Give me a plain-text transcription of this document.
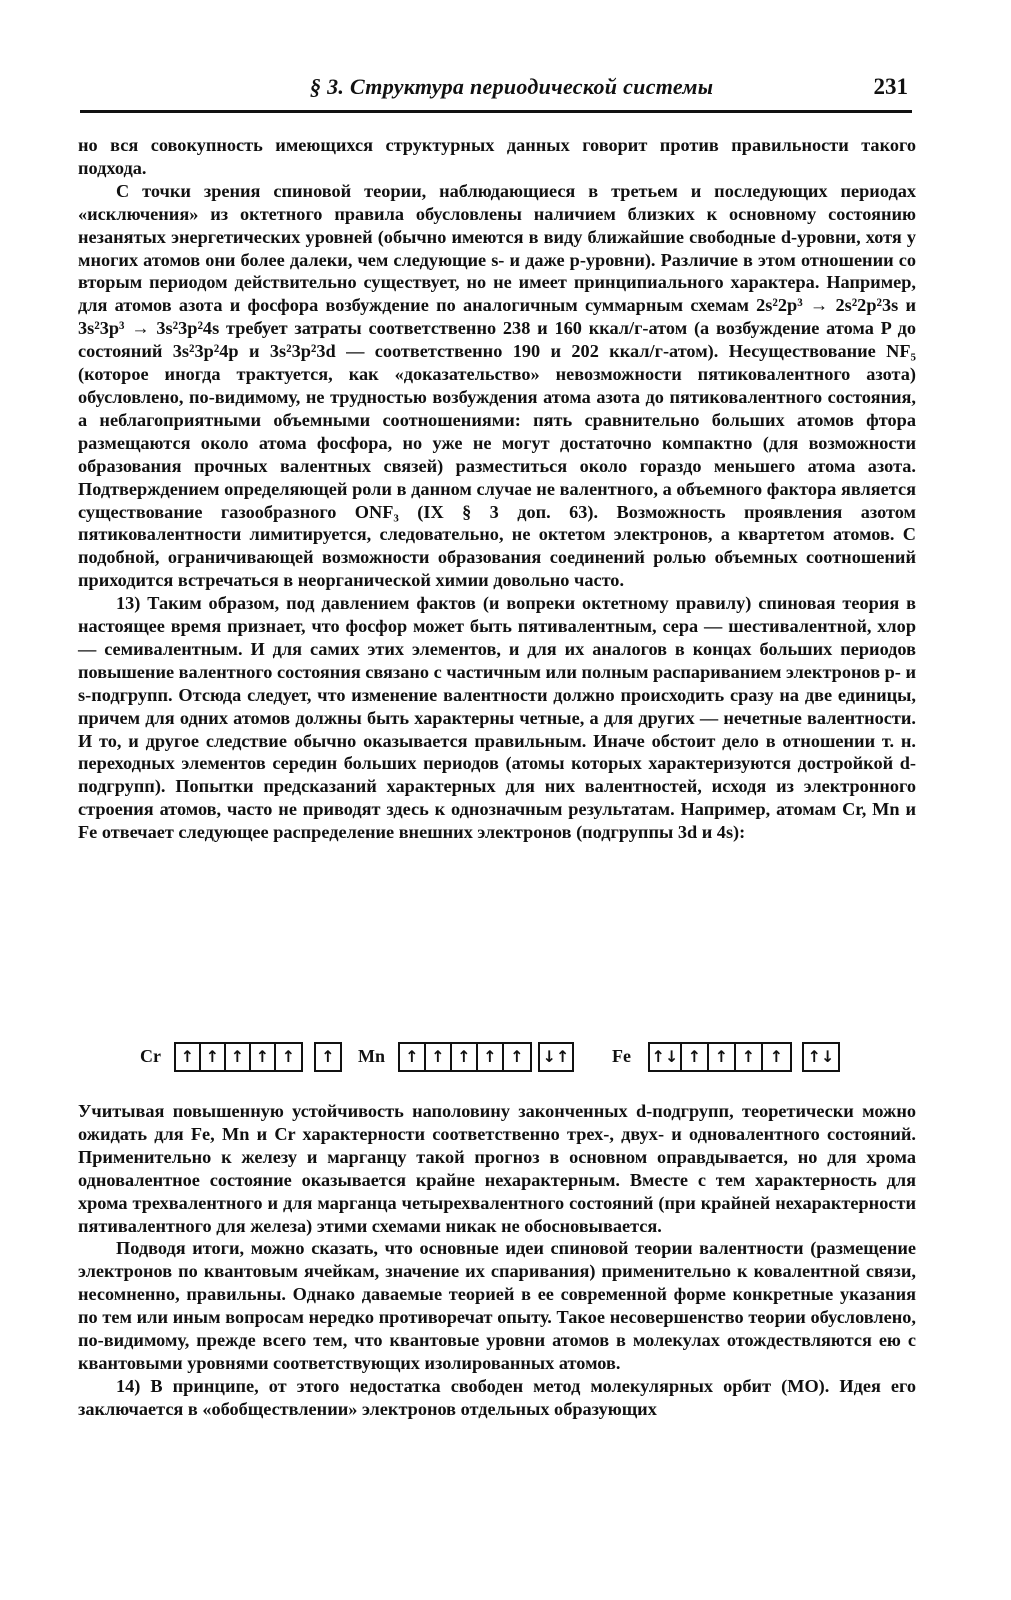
§ 3. Структура периодической системы	231

но вся совокупность имеющихся структурных данных говорит против правильности такого подхода.

С точки зрения спиновой теории, наблюдающиеся в третьем и последующих периодах «исключения» из октетного правила обусловлены наличием близких к основному состоянию незанятых энергетических уровней (обычно имеются в виду ближайшие свободные d-уровни, хотя у многих атомов они более далеки, чем следующие s- и даже p-уровни). Различие в этом отношении со вторым периодом действительно существует, но не имеет принципиального характера. Например, для атомов азота и фосфора возбуждение по аналогичным суммарным схемам 2s²2p³ → 2s²2p²3s и 3s²3p³ → 3s²3p²4s требует затраты соответственно 238 и 160 ккал/г-атом (а возбуждение атома P до состояний 3s²3p²4p и 3s²3p²3d — соответственно 190 и 202 ккал/г-атом). Несуществование NF₅ (которое иногда трактуется, как «доказательство» невозможности пятиковалентного азота) обусловлено, по-видимому, не трудностью возбуждения атома азота до пятиковалентного состояния, а неблагоприятными объемными соотношениями: пять сравнительно больших атомов фтора размещаются около атома фосфора, но уже не могут достаточно компактно (для возможности образования прочных валентных связей) разместиться около гораздо меньшего атома азота. Подтверждением определяющей роли в данном случае не валентного, а объемного фактора является существование газообразного ONF₃ (IX § 3 доп. 63). Возможность проявления азотом пятиковалентности лимитируется, следовательно, не октетом электронов, а квартетом атомов. С подобной, ограничивающей возможности образования соединений ролью объемных соотношений приходится встречаться в неорганической химии довольно часто.

13) Таким образом, под давлением фактов (и вопреки октетному правилу) спиновая теория в настоящее время признает, что фосфор может быть пятивалентным, сера — шестивалентной, хлор — семивалентным. И для самих этих элементов, и для их аналогов в концах больших периодов повышение валентного состояния связано с частичным или полным распариванием электронов p- и s-подгрупп. Отсюда следует, что изменение валентности должно происходить сразу на две единицы, причем для одних атомов должны быть характерны четные, а для других — нечетные валентности. И то, и другое следствие обычно оказывается правильным. Иначе обстоит дело в отношении т. н. переходных элементов середин больших периодов (атомы которых характеризуются достройкой d-подгрупп). Попытки предсказаний характерных для них валентностей, исходя из электронного строения атомов, часто не приводят здесь к однозначным результатам. Например, атомам Cr, Mn и Fe отвечает следующее распределение внешних электронов (подгруппы 3d и 4s):

Cr ↑ ↑ ↑ ↑ ↑	↑ Mn	↑ ↑ ↑ ↑ ↑	↓↑ Fe ↑↓ ↑ ↑ ↑ ↑	↑↓

Учитывая повышенную устойчивость наполовину законченных d-подгрупп, теоретически можно ожидать для Fe, Mn и Cr характерности соответственно трех-, двух- и одновалентного состояний. Применительно к железу и марганцу такой прогноз в основном оправдывается, но для хрома одновалентное состояние оказывается крайне нехарактерным. Вместе с тем характерность для хрома трехвалентного и для марганца четырехвалентного состояний (при крайней нехарактерности пятивалентного для железа) этими схемами никак не обосновывается.

Подводя итоги, можно сказать, что основные идеи спиновой теории валентности (размещение электронов по квантовым ячейкам, значение их спаривания) применительно к ковалентной связи, несомненно, правильны. Однако даваемые теорией в ее современной форме конкретные указания по тем или иным вопросам нередко противоречат опыту. Такое несовершенство теории обусловлено, по-видимому, прежде всего тем, что квантовые уровни атомов в молекулах отождествляются ею с квантовыми уровнями соответствующих изолированных атомов.

14) В принципе, от этого недостатка свободен метод молекулярных орбит (МО). Идея его заключается в «обобществлении» электронов отдельных образующих
